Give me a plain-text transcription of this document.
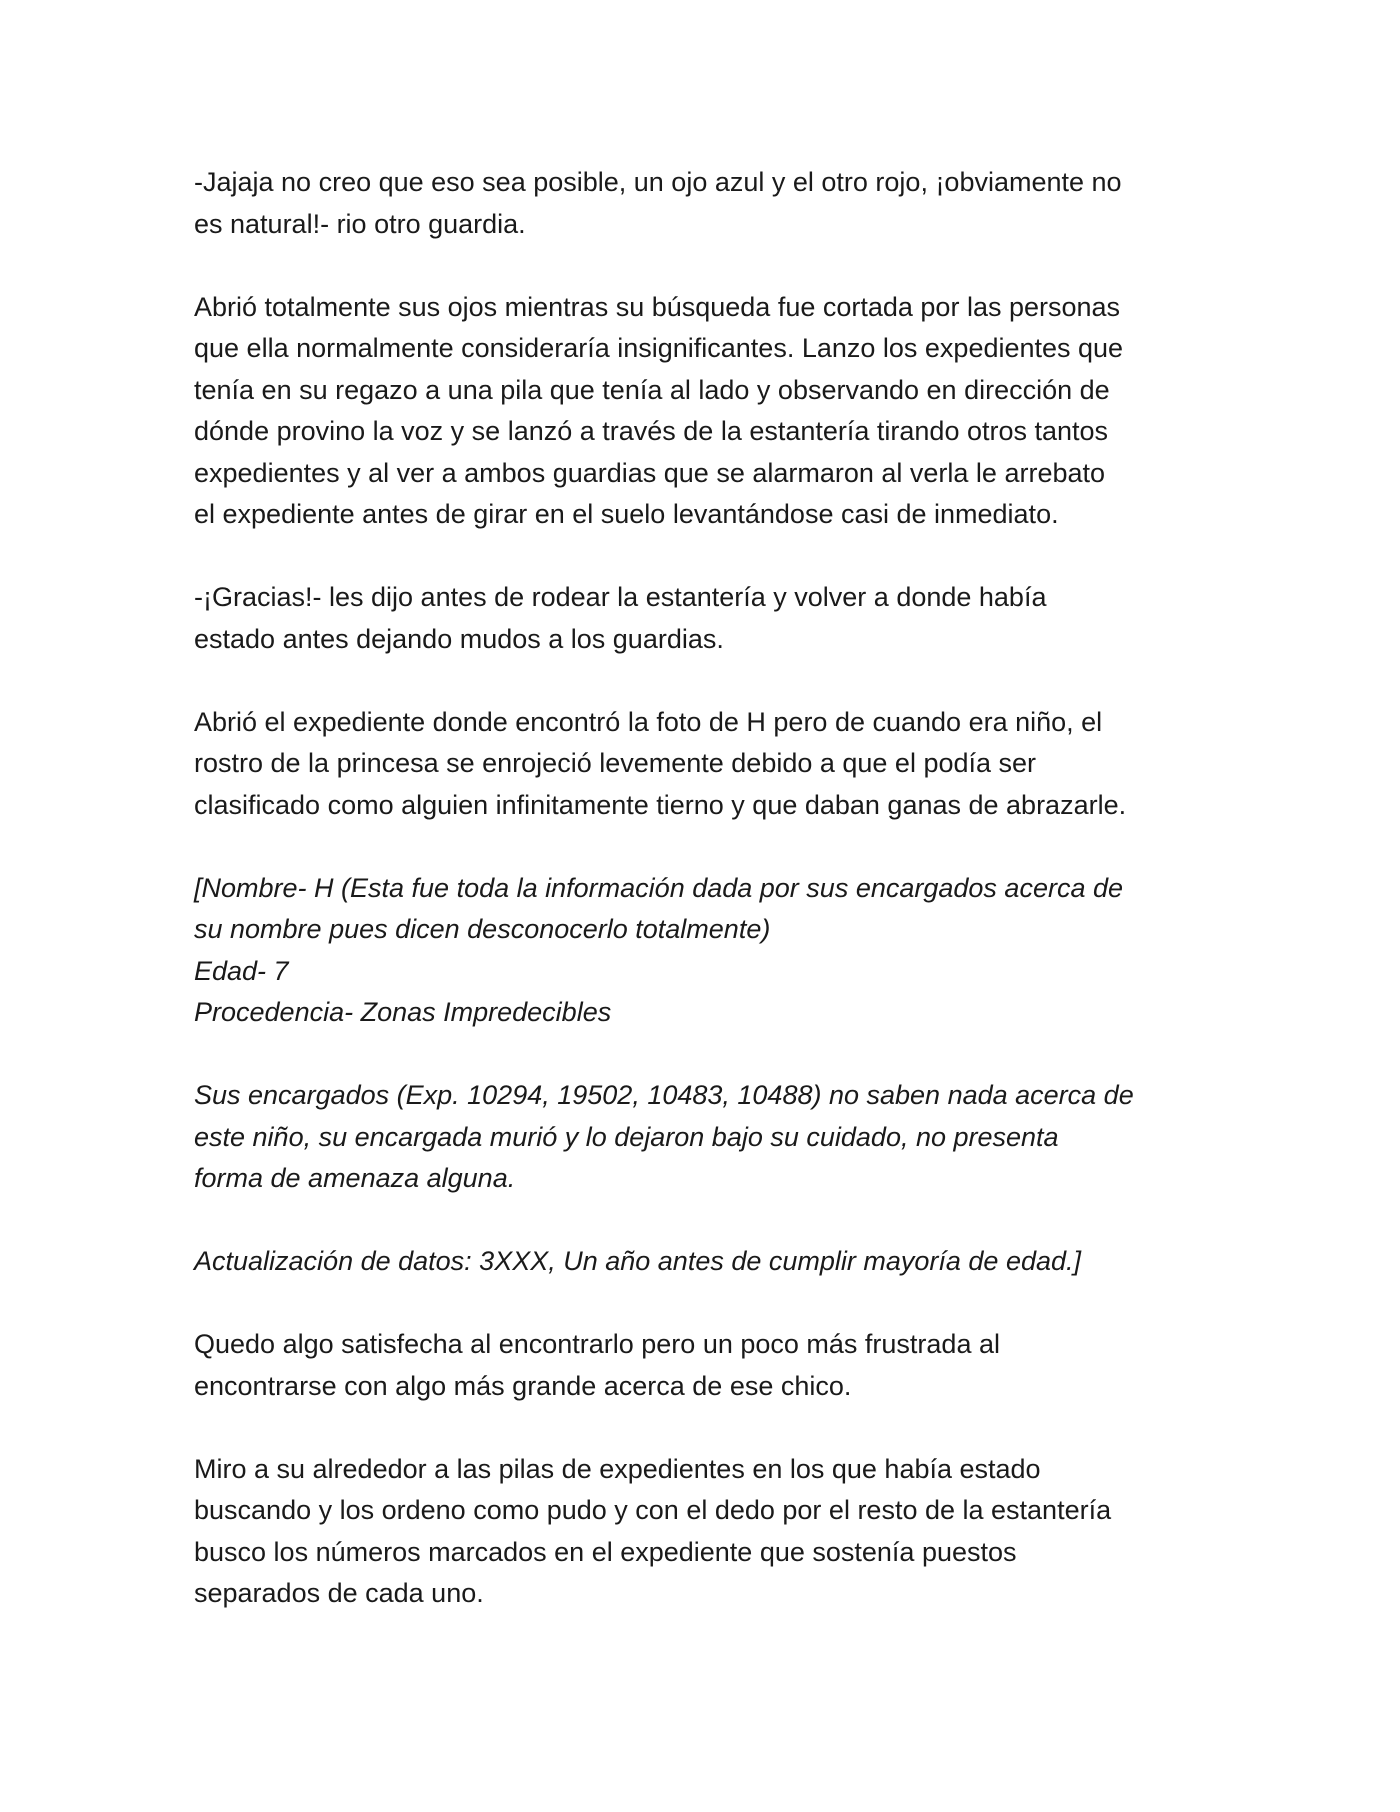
-Jajaja no creo que eso sea posible, un ojo azul y el otro rojo, ¡obviamente no
es natural!- rio otro guardia.

Abrió totalmente sus ojos mientras su búsqueda fue cortada por las personas
que ella normalmente consideraría insignificantes. Lanzo los expedientes que
tenía en su regazo a una pila que tenía al lado y observando en dirección de
dónde provino la voz y se lanzó a través de la estantería tirando otros tantos
expedientes y al ver a ambos guardias que se alarmaron al verla le arrebato
el expediente antes de girar en el suelo levantándose casi de inmediato.

-¡Gracias!- les dijo antes de rodear la estantería y volver a donde había
estado antes dejando mudos a los guardias.

Abrió el expediente donde encontró la foto de H pero de cuando era niño, el
rostro de la princesa se enrojeció levemente debido a que el podía ser
clasificado como alguien infinitamente tierno y que daban ganas de abrazarle.

[Nombre- H (Esta fue toda la información dada por sus encargados acerca de
su nombre pues dicen desconocerlo totalmente)
Edad- 7
Procedencia- Zonas Impredecibles

Sus encargados (Exp. 10294, 19502, 10483, 10488) no saben nada acerca de
este niño, su encargada murió y lo dejaron bajo su cuidado, no presenta
forma de amenaza alguna.

Actualización de datos: 3XXX, Un año antes de cumplir mayoría de edad.]

Quedo algo satisfecha al encontrarlo pero un poco más frustrada al
encontrarse con algo más grande acerca de ese chico.

Miro a su alrededor a las pilas de expedientes en los que había estado
buscando y los ordeno como pudo y con el dedo por el resto de la estantería
busco los números marcados en el expediente que sostenía puestos
separados de cada uno.
